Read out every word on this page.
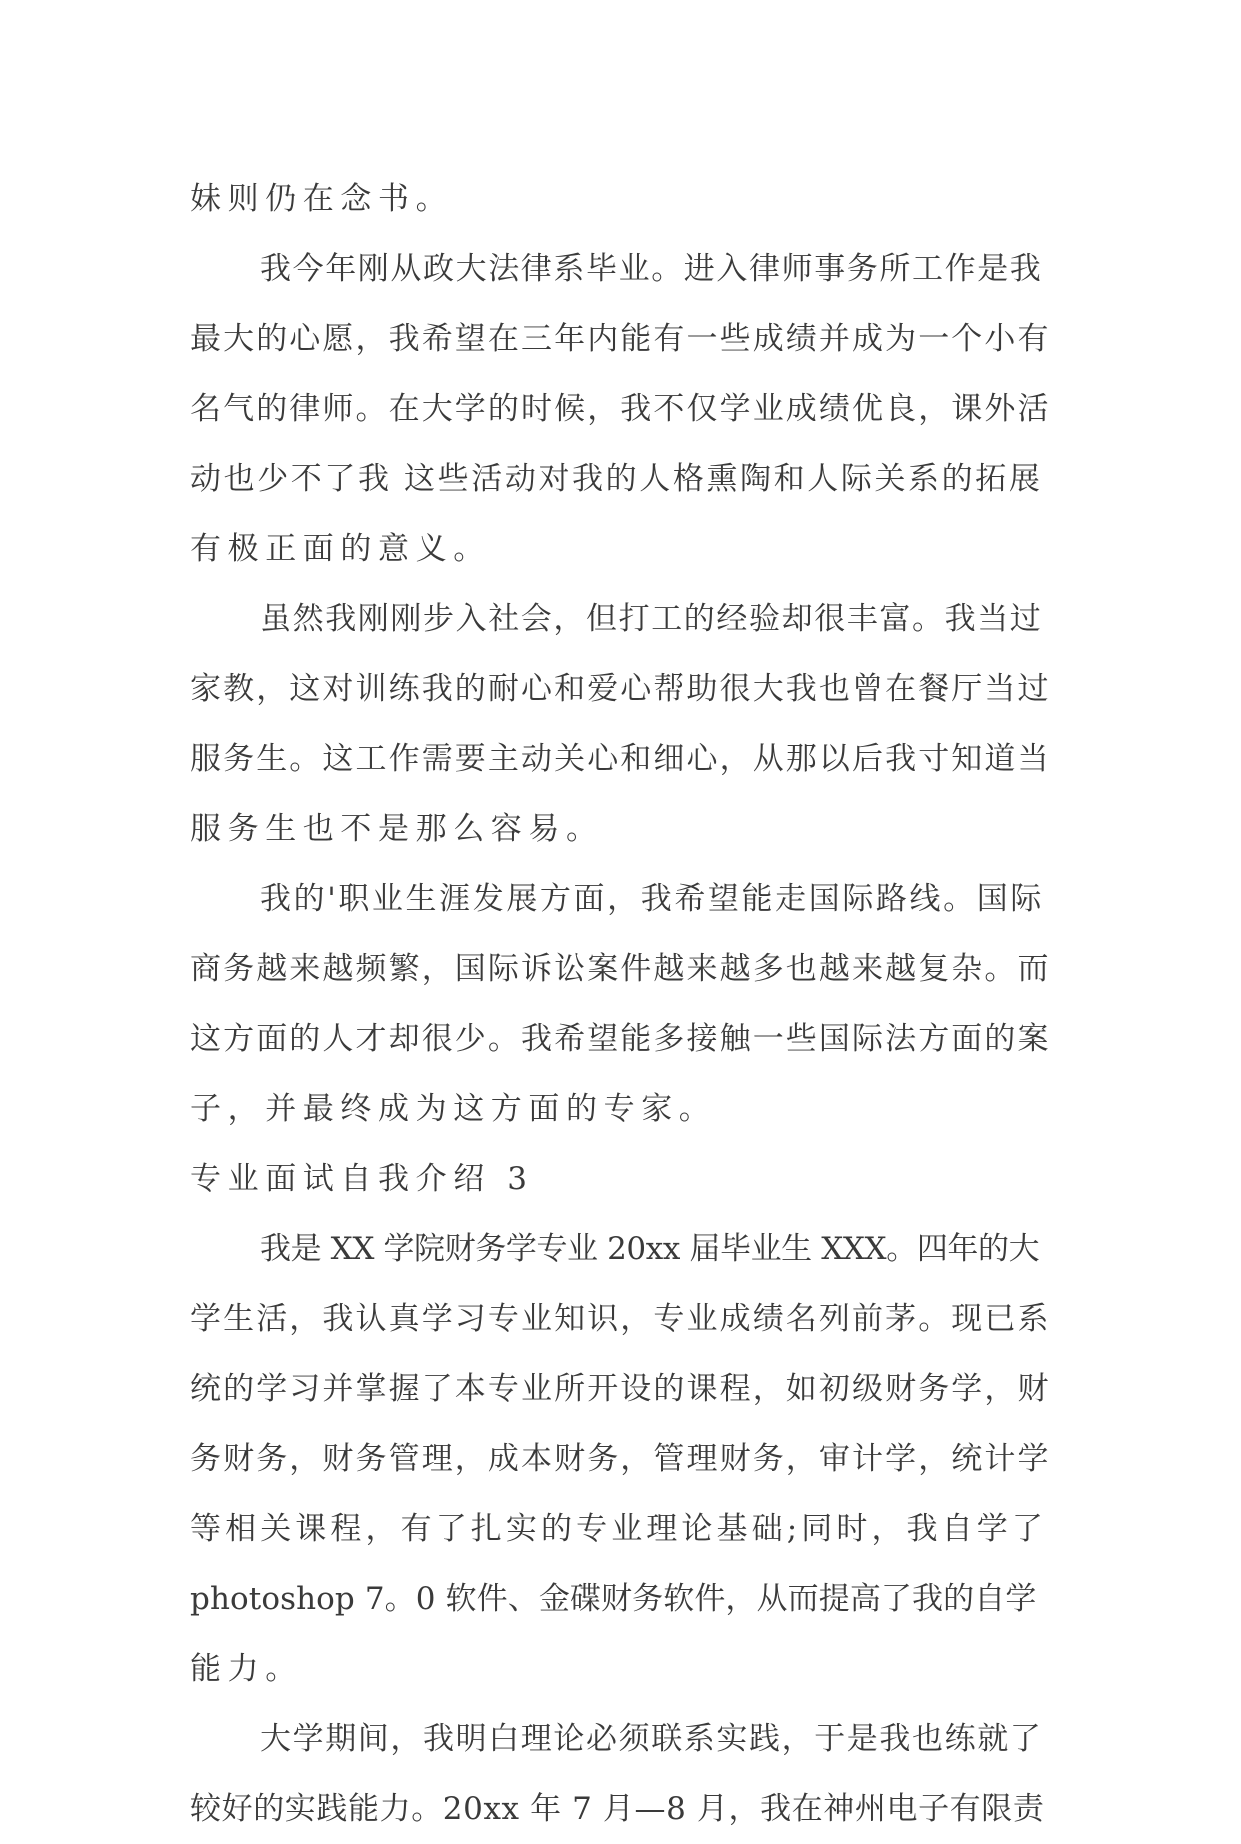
妹则仍在念书。
我今年刚从政大法律系毕业。进入律师事务所工作是我
最大的心愿，我希望在三年内能有一些成绩并成为一个小有
名气的律师。在大学的时候，我不仅学业成绩优良，课外活
动也少不了我 这些活动对我的人格熏陶和人际关系的拓展
有极正面的意义。
虽然我刚刚步入社会，但打工的经验却很丰富。我当过
家教，这对训练我的耐心和爱心帮助很大我也曾在餐厅当过
服务生。这工作需要主动关心和细心，从那以后我寸知道当
服务生也不是那么容易。
我的'职业生涯发展方面，我希望能走国际路线。国际
商务越来越频繁，国际诉讼案件越来越多也越来越复杂。而
这方面的人才却很少。我希望能多接触一些国际法方面的案
子，并最终成为这方面的专家。
专业面试自我介绍 3
我是 XX 学院财务学专业 20xx 届毕业生 XXX。四年的大
学生活，我认真学习专业知识，专业成绩名列前茅。现已系
统的学习并掌握了本专业所开设的课程，如初级财务学，财
务财务，财务管理，成本财务，管理财务，审计学，统计学
等相关课程，有了扎实的专业理论基础;同时，我自学了
photoshop 7。0 软件、金碟财务软件，从而提高了我的自学
能力。
大学期间，我明白理论必须联系实践，于是我也练就了
较好的实践能力。20xx 年 7 月—8 月，我在神州电子有限责
